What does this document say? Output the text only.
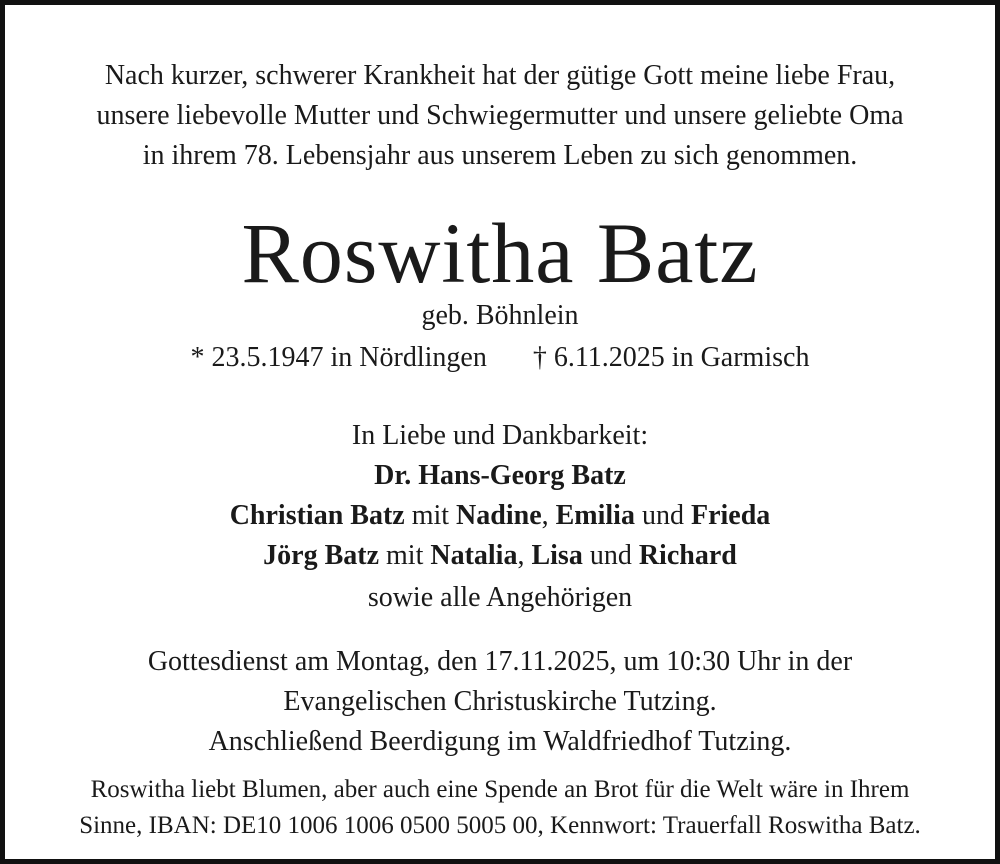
Nach kurzer, schwerer Krankheit hat der gütige Gott meine liebe Frau,
unsere liebevolle Mutter und Schwiegermutter und unsere geliebte Oma
in ihrem 78. Lebensjahr aus unserem Leben zu sich genommen.
Roswitha Batz
geb. Böhnlein
* 23.5.1947 in Nördlingen † 6.11.2025 in Garmisch
In Liebe und Dankbarkeit:
Dr. Hans-Georg Batz
Christian Batz mit Nadine, Emilia und Frieda
Jörg Batz mit Natalia, Lisa und Richard
sowie alle Angehörigen
Gottesdienst am Montag, den 17.11.2025, um 10:30 Uhr in der
Evangelischen Christuskirche Tutzing.
Anschließend Beerdigung im Waldfriedhof Tutzing.
Roswitha liebt Blumen, aber auch eine Spende an Brot für die Welt wäre in Ihrem
Sinne, IBAN: DE10 1006 1006 0500 5005 00, Kennwort: Trauerfall Roswitha Batz.
